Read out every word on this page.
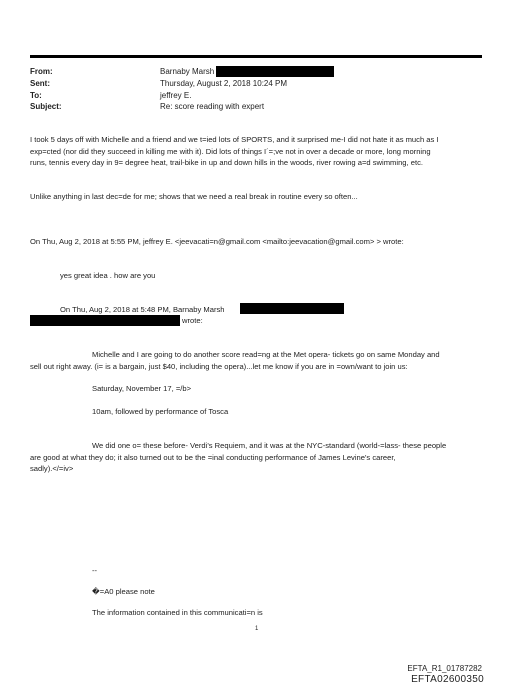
From:	Barnaby Marsh
Sent:	Thursday, August 2, 2018 10:24 PM
To:	jeffrey E.
Subject:	Re: score reading with expert
I took 5 days off with Michelle and a friend and we t=ied lots of SPORTS, and it surprised me-I did not hate it as much as I
exp=cted (nor did they succeed in killing me with it). Did lots of things I´=;ve not in over a decade or more, long morning
runs, tennis every day in 9= degree heat, trail-bike in up and down hills in the woods, river rowing a=d swimming, etc.
Unlike anything in last dec=de for me; shows that we need a real break in routine every so often...
On Thu, Aug 2, 2018 at 5:55 PM, jeffrey E. <jeevacati=n@gmail.com <mailto:jeevacation@gmail.com> > wrote:
yes great idea . how are you
On Thu, Aug 2, 2018 at 5:48 PM, Barnaby Marsh
wrote:
Michelle and I are going to do another score read=ng at the Met opera- tickets go on same Monday and
sell out right away. (i= is a bargain, just $40, including the opera)...let me know if you are in =own/want to join us:
Saturday, November 17, =/b>
10am, followed by performance of Tosca
We did one o= these before- Verdi's Requiem, and it was at the NYC-standard (world-=lass- these people
are good at what they do; it also turned out to be the =inal conducting performance of James Levine's career,
sadly).</=iv>
--
�=A0 please note
The information contained in this communicati=n is
1
EFTA_R1_01787282
EFTA02600350
